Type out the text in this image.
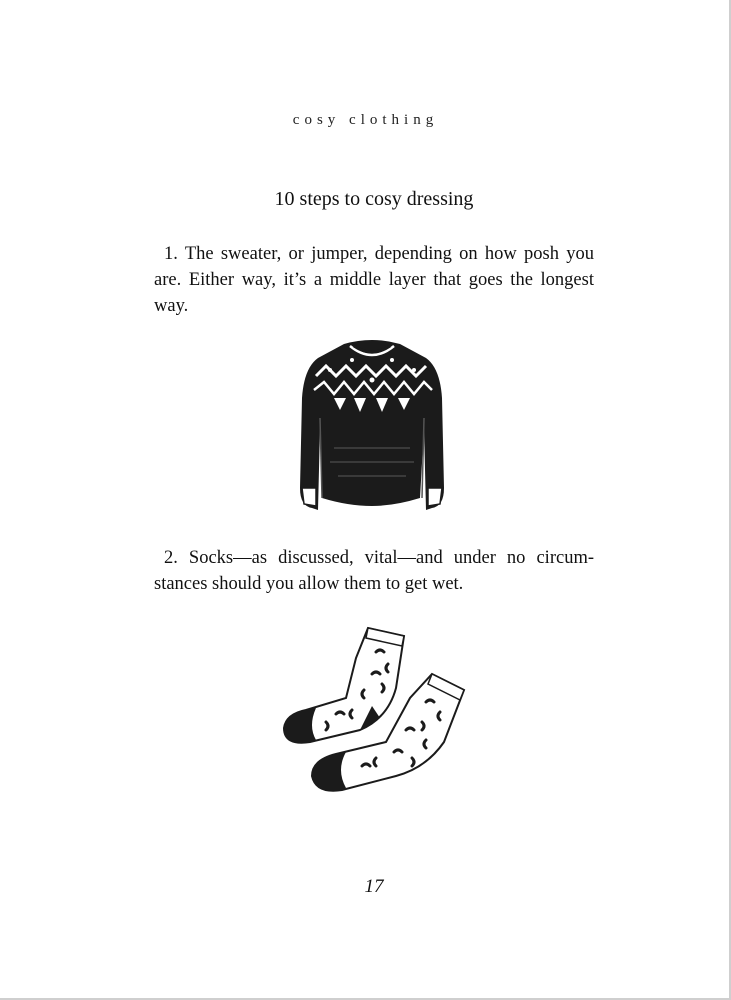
cosy clothing
10 steps to cosy dressing

1. The sweater, or jumper, depending on how posh you are. Either way, it’s a middle layer that goes the longest way.

2. Socks—as discussed, vital—and under no circum- stances should you allow them to get wet.

17
